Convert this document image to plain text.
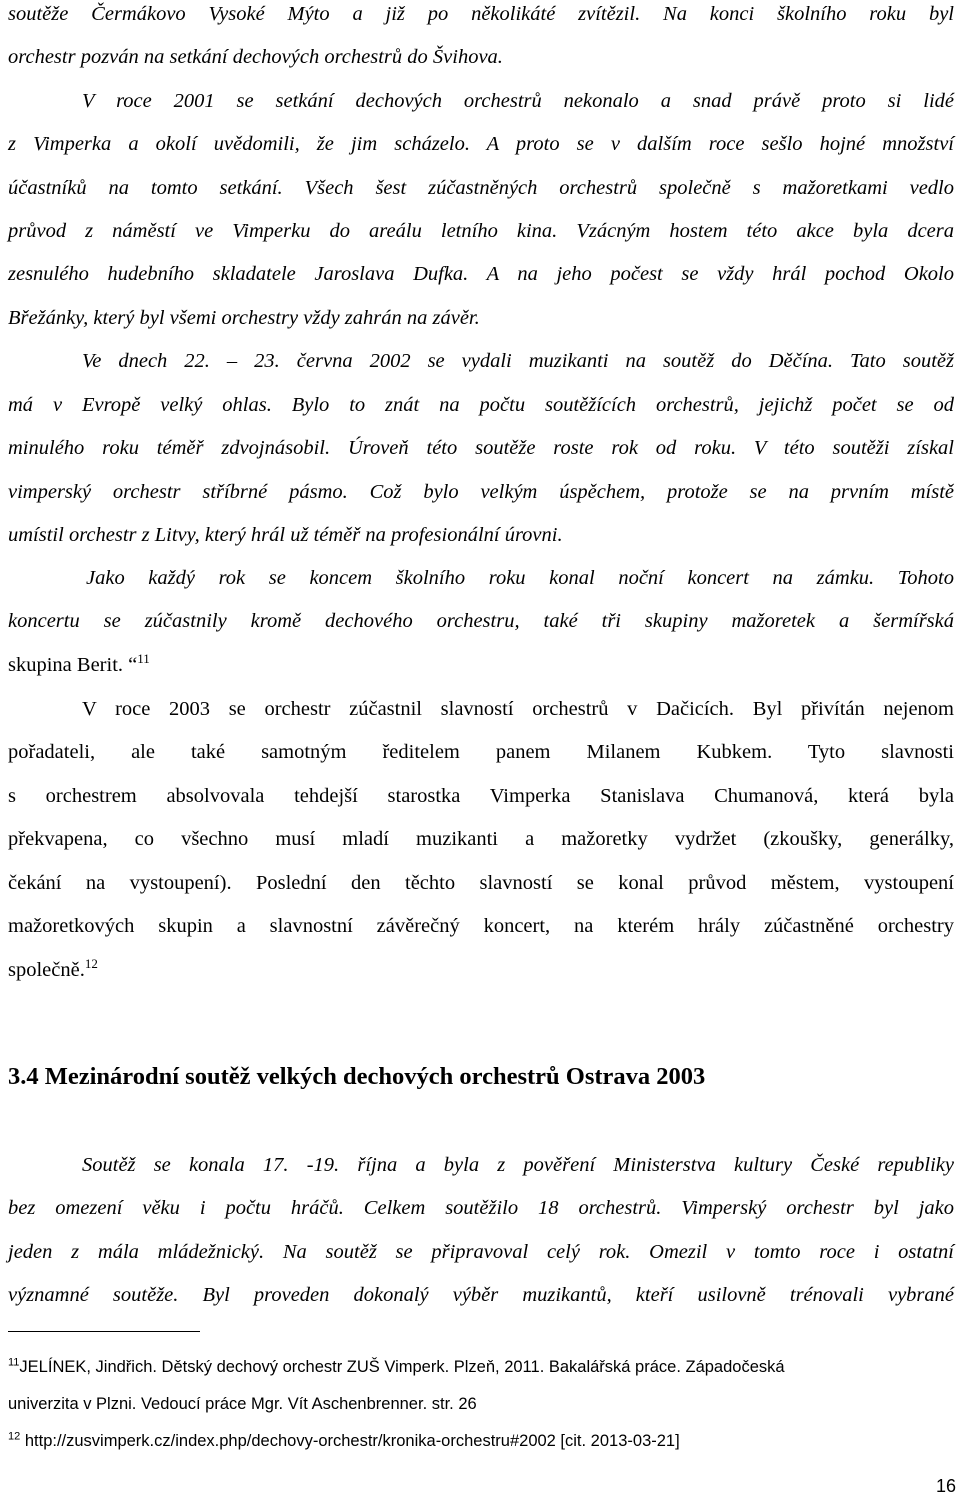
soutěže Čermákovo Vysoké Mýto a již po několikáté zvítězil. Na konci školního roku byl
orchestr pozván na setkání dechových orchestrů do Švihova.
V roce 2001 se setkání dechových orchestrů nekonalo a snad právě proto si lidé
z Vimperka a okolí uvědomili, že jim scházelo. A proto se v dalším roce sešlo hojné množství
účastníků na tomto setkání. Všech šest zúčastněných orchestrů společně s mažoretkami vedlo
průvod z náměstí ve Vimperku do areálu letního kina. Vzácným hostem této akce byla dcera
zesnulého hudebního skladatele Jaroslava Dufka. A na jeho počest se vždy hrál pochod Okolo
Břežánky, který byl všemi orchestry vždy zahrán na závěr.
Ve dnech 22. – 23. června 2002 se vydali muzikanti na soutěž do Děčína. Tato soutěž
má v Evropě velký ohlas. Bylo to znát na počtu soutěžících orchestrů, jejichž počet se od
minulého roku téměř zdvojnásobil. Úroveň této soutěže roste rok od roku. V této soutěži získal
vimperský orchestr stříbrné pásmo. Což bylo velkým úspěchem, protože se na prvním místě
umístil orchestr z Litvy, který hrál už téměř na profesionální úrovni.
Jako každý rok se koncem školního roku konal noční koncert na zámku. Tohoto
koncertu se zúčastnily kromě dechového orchestru, také tři skupiny mažoretek a šermířská
skupina Berit. “$^{11}$
V roce 2003 se orchestr zúčastnil slavností orchestrů v Dačicích. Byl přivítán nejenom
pořadateli, ale také samotným ředitelem panem Milanem Kubkem. Tyto slavnosti
s orchestrem absolvovala tehdejší starostka Vimperka Stanislava Chumanová, která byla
překvapena, co všechno musí mladí muzikanti a mažoretky vydržet (zkoušky, generálky,
čekání na vystoupení). Poslední den těchto slavností se konal průvod městem, vystoupení
mažoretkových skupin a slavnostní závěrečný koncert, na kterém hrály zúčastněné orchestry
společně.$^{12}$
3.4 Mezinárodní soutěž velkých dechových orchestrů Ostrava 2003
Soutěž se konala 17. -19. října a byla z pověření Ministerstva kultury České republiky
bez omezení věku i počtu hráčů. Celkem soutěžilo 18 orchestrů. Vimperský orchestr byl jako
jeden z mála mládežnický. Na soutěž se připravoval celý rok. Omezil v tomto roce i ostatní
významné soutěže. Byl proveden dokonalý výběr muzikantů, kteří usilovně trénovali vybrané
$^{11}$JELÍNEK, Jindřich. Dětský dechový orchestr ZUŠ Vimperk. Plzeň, 2011. Bakalářská práce. Západočeská
univerzita v Plzni. Vedoucí práce Mgr. Vít Aschenbrenner. str. 26
$^{12}$ http://zusvimperk.cz/index.php/dechovy-orchestr/kronika-orchestru#2002 [cit. 2013-03-21]
16
